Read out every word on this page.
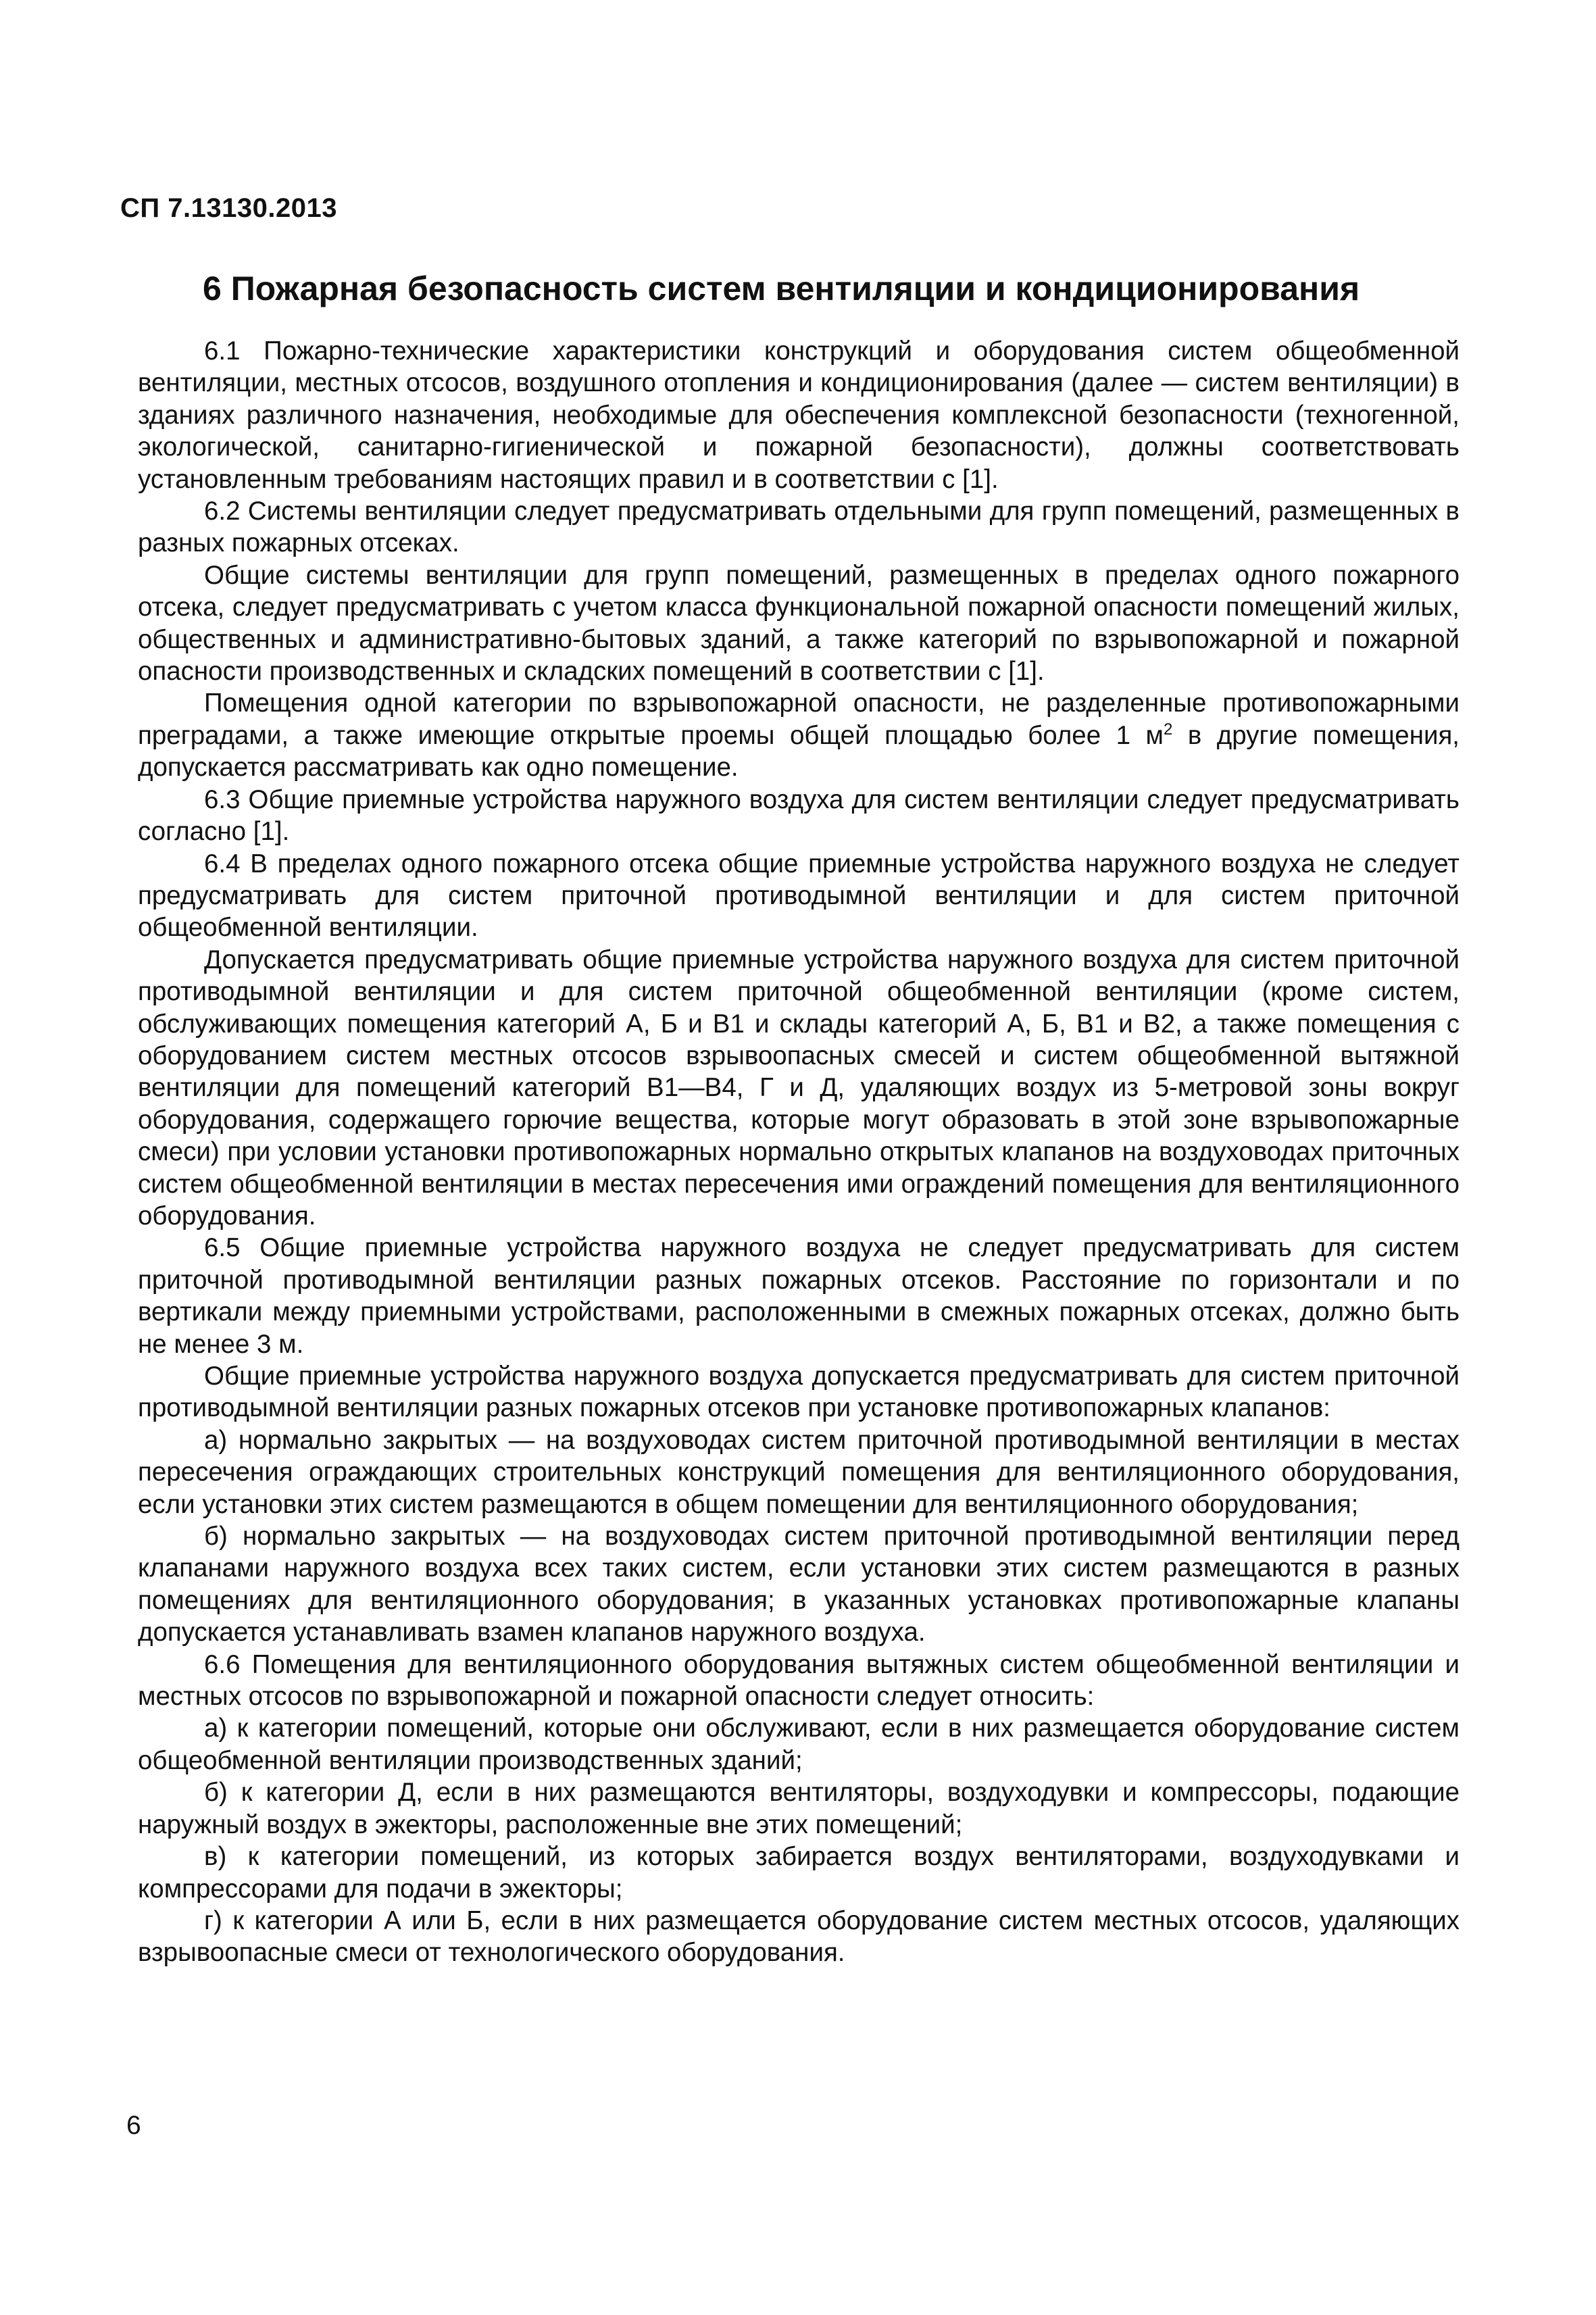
СП 7.13130.2013
6 Пожарная безопасность систем вентиляции и кондиционирования

6.1 Пожарно-технические характеристики конструкций и оборудования систем общеобменной вентиляции, местных отсосов, воздушного отопления и кондиционирования (далее — систем вентиляции) в зданиях различного назначения, необходимые для обеспечения комплексной безопасности (техногенной, экологической, санитарно-гигиенической и пожарной безопасности), должны соответствовать установленным требованиям настоящих правил и в соответствии с [1].

6.2 Системы вентиляции следует предусматривать отдельными для групп помещений, размещенных в разных пожарных отсеках.

Общие системы вентиляции для групп помещений, размещенных в пределах одного пожарного отсека, следует предусматривать с учетом класса функциональной пожарной опасности помещений жилых, общественных и административно-бытовых зданий, а также категорий по взрывопожарной и пожарной опасности производственных и складских помещений в соответствии с [1].

Помещения одной категории по взрывопожарной опасности, не разделенные противопожарными преградами, а также имеющие открытые проемы общей площадью более 1 $м^2$ в другие помещения, допускается рассматривать как одно помещение.

6.3 Общие приемные устройства наружного воздуха для систем вентиляции следует предусматривать согласно [1].

6.4 В пределах одного пожарного отсека общие приемные устройства наружного воздуха не следует предусматривать для систем приточной противодымной вентиляции и для систем приточной общеобменной вентиляции.

Допускается предусматривать общие приемные устройства наружного воздуха для систем приточной противодымной вентиляции и для систем приточной общеобменной вентиляции (кроме систем, обслуживающих помещения категорий А, Б и В1 и склады категорий А, Б, В1 и В2, а также помещения с оборудованием систем местных отсосов взрывоопасных смесей и систем общеобменной вытяжной вентиляции для помещений категорий В1—В4, Г и Д, удаляющих воздух из 5-метровой зоны вокруг оборудования, содержащего горючие вещества, которые могут образовать в этой зоне взрывопожарные смеси) при условии установки противопожарных нормально открытых клапанов на воздуховодах приточных систем общеобменной вентиляции в местах пересечения ими ограждений помещения для вентиляционного оборудования.

6.5 Общие приемные устройства наружного воздуха не следует предусматривать для систем приточной противодымной вентиляции разных пожарных отсеков. Расстояние по горизонтали и по вертикали между приемными устройствами, расположенными в смежных пожарных отсеках, должно быть не менее 3 м.

Общие приемные устройства наружного воздуха допускается предусматривать для систем приточной противодымной вентиляции разных пожарных отсеков при установке противопожарных клапанов:

а) нормально закрытых — на воздуховодах систем приточной противодымной вентиляции в местах пересечения ограждающих строительных конструкций помещения для вентиляционного оборудования, если установки этих систем размещаются в общем помещении для вентиляционного оборудования;

б) нормально закрытых — на воздуховодах систем приточной противодымной вентиляции перед клапанами наружного воздуха всех таких систем, если установки этих систем размещаются в разных помещениях для вентиляционного оборудования; в указанных установках противопожарные клапаны допускается устанавливать взамен клапанов наружного воздуха.

6.6 Помещения для вентиляционного оборудования вытяжных систем общеобменной вентиляции и местных отсосов по взрывопожарной и пожарной опасности следует относить:

а) к категории помещений, которые они обслуживают, если в них размещается оборудование систем общеобменной вентиляции производственных зданий;

б) к категории Д, если в них размещаются вентиляторы, воздуходувки и компрессоры, подающие наружный воздух в эжекторы, расположенные вне этих помещений;

в) к категории помещений, из которых забирается воздух вентиляторами, воздуходувками и компрессорами для подачи в эжекторы;

г) к категории А или Б, если в них размещается оборудование систем местных отсосов, удаляющих взрывоопасные смеси от технологического оборудования.

6
